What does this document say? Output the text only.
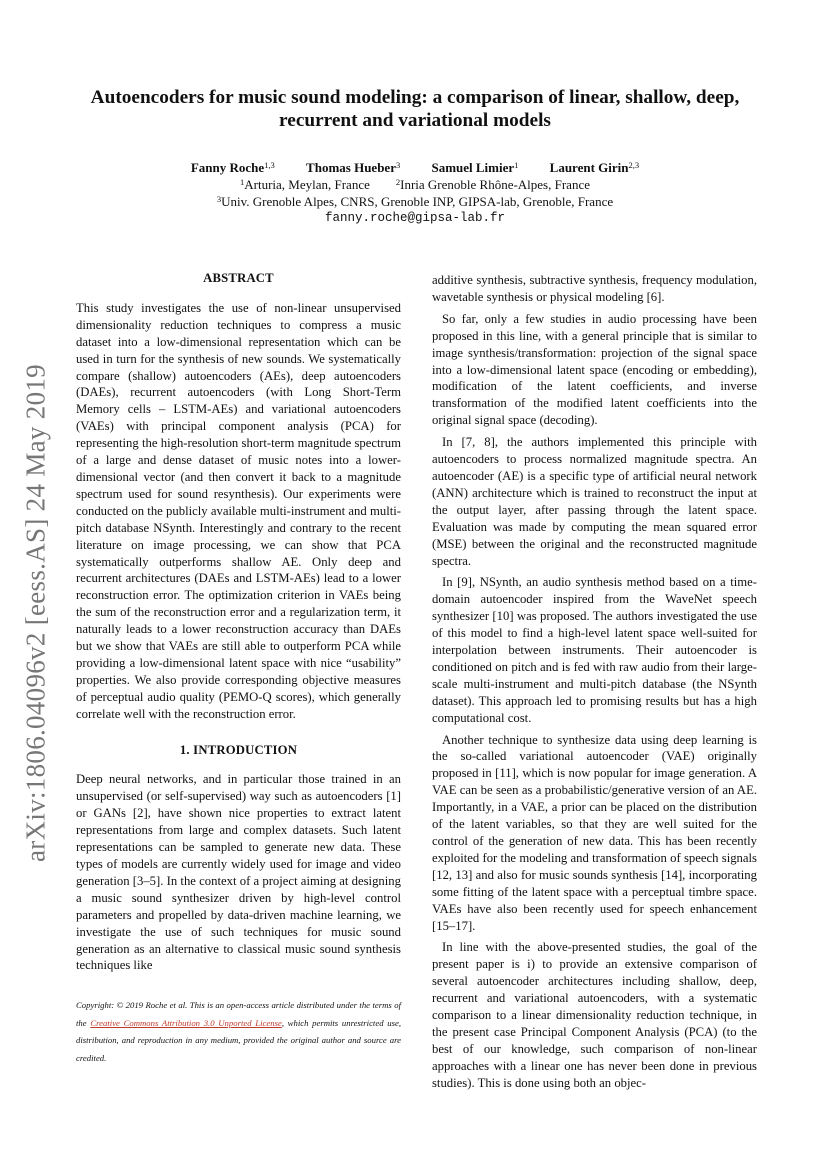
arXiv:1806.04096v2 [eess.AS] 24 May 2019
Autoencoders for music sound modeling: a comparison of linear, shallow, deep, recurrent and variational models
Fanny Roche$^{1,3}$ Thomas Hueber$^3$ Samuel Limier$^1$ Laurent Girin$^{2,3}$
$^1$Arturia, Meylan, France	$^2$Inria Grenoble Rhône-Alpes, France
$^3$Univ. Grenoble Alpes, CNRS, Grenoble INP, GIPSA-lab, Grenoble, France
fanny.roche@gipsa-lab.fr
ABSTRACT

This study investigates the use of non-linear unsupervised dimensionality reduction techniques to compress a music dataset into a low-dimensional representation which can be used in turn for the synthesis of new sounds. We systematically compare (shallow) autoencoders (AEs), deep autoencoders (DAEs), recurrent autoencoders (with Long Short-Term Memory cells – LSTM-AEs) and variational autoencoders (VAEs) with principal component analysis (PCA) for representing the high-resolution short-term magnitude spectrum of a large and dense dataset of music notes into a lower-dimensional vector (and then convert it back to a magnitude spectrum used for sound resynthesis). Our experiments were conducted on the publicly available multi-instrument and multi-pitch database NSynth. Interestingly and contrary to the recent literature on image processing, we can show that PCA systematically outperforms shallow AE. Only deep and recurrent architectures (DAEs and LSTM-AEs) lead to a lower reconstruction error. The optimization criterion in VAEs being the sum of the reconstruction error and a regularization term, it naturally leads to a lower reconstruction accuracy than DAEs but we show that VAEs are still able to outperform PCA while providing a low-dimensional latent space with nice “usability” properties. We also provide corresponding objective measures of perceptual audio quality (PEMO-Q scores), which generally correlate well with the reconstruction error.

1. INTRODUCTION

Deep neural networks, and in particular those trained in an unsupervised (or self-supervised) way such as autoencoders [1] or GANs [2], have shown nice properties to extract latent representations from large and complex datasets. Such latent representations can be sampled to generate new data. These types of models are currently widely used for image and video generation [3–5]. In the context of a project aiming at designing a music sound synthesizer driven by high-level control parameters and propelled by data-driven machine learning, we investigate the use of such techniques for music sound generation as an alternative to classical music sound synthesis techniques like

Copyright: © 2019 Roche et al. This is an open-access article distributed under the terms of the Creative Commons Attribution 3.0 Unported License, which permits unrestricted use, distribution, and reproduction in any medium, provided the original author and source are credited.

additive synthesis, subtractive synthesis, frequency modulation, wavetable synthesis or physical modeling [6].

So far, only a few studies in audio processing have been proposed in this line, with a general principle that is similar to image synthesis/transformation: projection of the signal space into a low-dimensional latent space (encoding or embedding), modification of the latent coefficients, and inverse transformation of the modified latent coefficients into the original signal space (decoding).

In [7, 8], the authors implemented this principle with autoencoders to process normalized magnitude spectra. An autoencoder (AE) is a specific type of artificial neural network (ANN) architecture which is trained to reconstruct the input at the output layer, after passing through the latent space. Evaluation was made by computing the mean squared error (MSE) between the original and the reconstructed magnitude spectra.

In [9], NSynth, an audio synthesis method based on a time-domain autoencoder inspired from the WaveNet speech synthesizer [10] was proposed. The authors investigated the use of this model to find a high-level latent space well-suited for interpolation between instruments. Their autoencoder is conditioned on pitch and is fed with raw audio from their large-scale multi-instrument and multi-pitch database (the NSynth dataset). This approach led to promising results but has a high computational cost.

Another technique to synthesize data using deep learning is the so-called variational autoencoder (VAE) originally proposed in [11], which is now popular for image generation. A VAE can be seen as a probabilistic/generative version of an AE. Importantly, in a VAE, a prior can be placed on the distribution of the latent variables, so that they are well suited for the control of the generation of new data. This has been recently exploited for the modeling and transformation of speech signals [12, 13] and also for music sounds synthesis [14], incorporating some fitting of the latent space with a perceptual timbre space. VAEs have also been recently used for speech enhancement [15–17].

In line with the above-presented studies, the goal of the present paper is i) to provide an extensive comparison of several autoencoder architectures including shallow, deep, recurrent and variational autoencoders, with a systematic comparison to a linear dimensionality reduction technique, in the present case Principal Component Analysis (PCA) (to the best of our knowledge, such comparison of non-linear approaches with a linear one has never been done in previous studies). This is done using both an objec-
